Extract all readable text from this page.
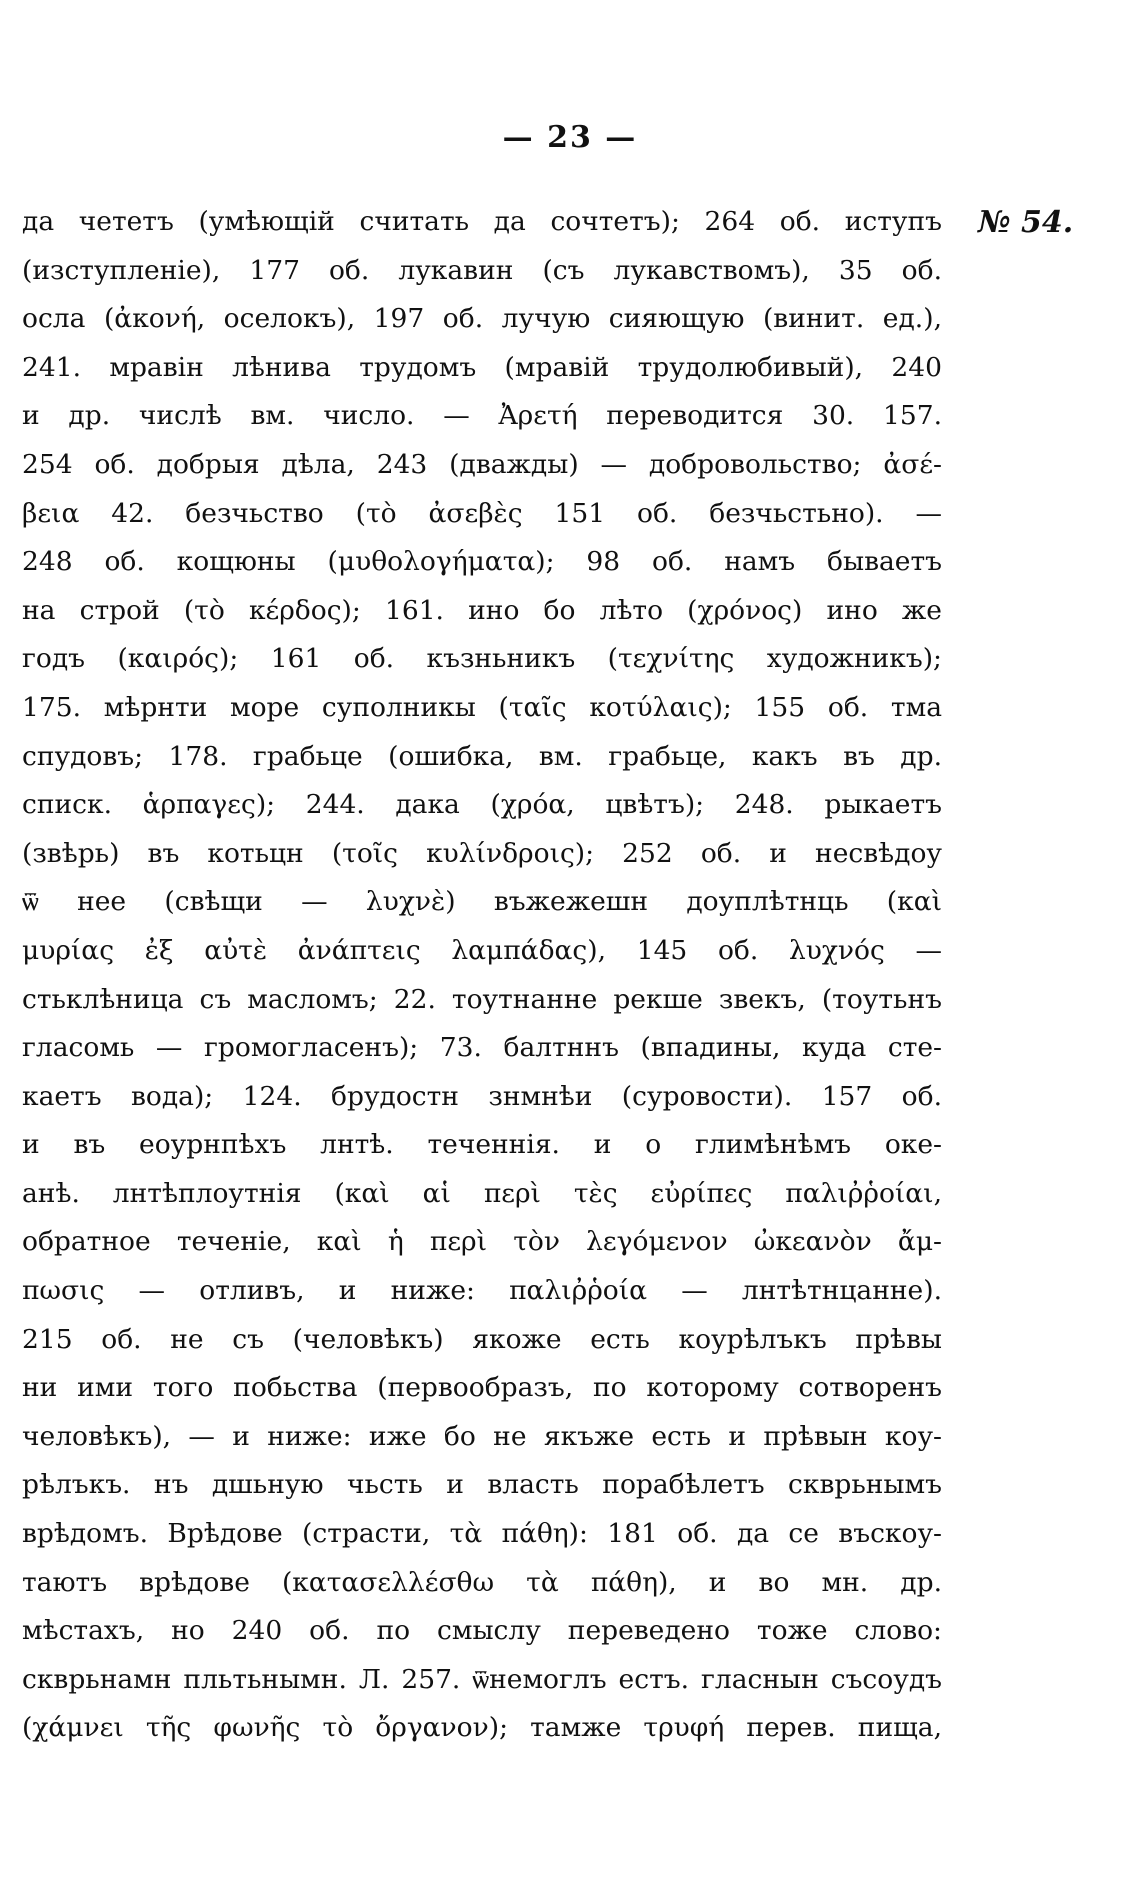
— 23 —
№ 54.
да чететъ (умѣющій считать да сочтетъ); 264 об. иступъ
(изступленіе), 177 об. лукавин (съ лукавствомъ), 35 об.
осла (ἀκονή, оселокъ), 197 об. лучую сияющую (винит. ед.),
241. мравін лѣнива трудомъ (мравій трудолюбивый), 240
и др. числѣ вм. число. — Ἀρετή переводится 30. 157.
254 об. добрыя дѣла, 243 (дважды) — добровольство; ἀσέ-
βεια 42. безчьство (τὸ ἀσεβὲς 151 об. безчьстьно). —
248 об. кощюны (μυθολογήματα); 98 об. намъ бываетъ
на строй (τὸ κέρδος); 161. ино бо лѣто (χρόνος) ино же
годъ (καιρός); 161 об. къзньникъ (τεχνίτης художникъ);
175. мѣрнти море суполникы (ταῖς κοτύλαις); 155 об. тма
спудовъ; 178. грабьце (ошибка, вм. грабьце, какъ въ др.
списк. ἁρπαγες); 244. дака (χρόα, цвѣтъ); 248. рыкаетъ
(звѣрь) въ котьцн (τοῖς κυλίνδροις); 252 об. и несвѣдоу
ѿ нее (свѣщи — λυχνὲ) въжежешн доуплѣтнць (καὶ
μυρίας ἐξ αὐτὲ ἀνάπτεις λαμπάδας), 145 об. λυχνός —
стьклѣница съ масломъ; 22. тоутнанне рекше звекъ, (тоутьнъ
гласомь — громогласенъ); 73. балтннъ (впадины, куда сте-
каетъ вода); 124. брудостн знмнѣи (суровости). 157 об.
и въ еоурнпѣхъ лнтѣ. теченнія. и о глимѣнѣмъ оке-
анѣ. лнтѣплоутнія (καὶ αἱ περὶ τὲς εὐρίπες παλιῤῥοίαι,
обратное теченіе, καὶ ἡ περὶ τὸν λεγόμενον ὠκεανὸν ἄμ-
πωσις — отливъ, и ниже: παλιῤῥοία — лнтѣтнцанне).
215 об. не съ (человѣкъ) якоже есть коурѣлъкъ прѣвы
ни ими того побьства (первообразъ, по которому сотворенъ
человѣкъ), — и ниже: иже бо не якъже есть и прѣвын коу-
рѣлъкъ. нъ дшьную чьсть и власть порабѣлетъ скврьнымъ
врѣдомъ. Врѣдове (страсти, τὰ πάθη): 181 об. да се въскоу-
таютъ врѣдове (κατασελλέσθω τὰ πάθη), и во мн. др.
мѣстахъ, но 240 об. по смыслу переведено тоже слово:
скврьнамн пльтьнымн. Л. 257. ѿнемоглъ естъ. гласнын съсоудъ
(χάμνει τῆς φωνῆς τὸ ὄργανον); тамже τρυφή перев. пища,
